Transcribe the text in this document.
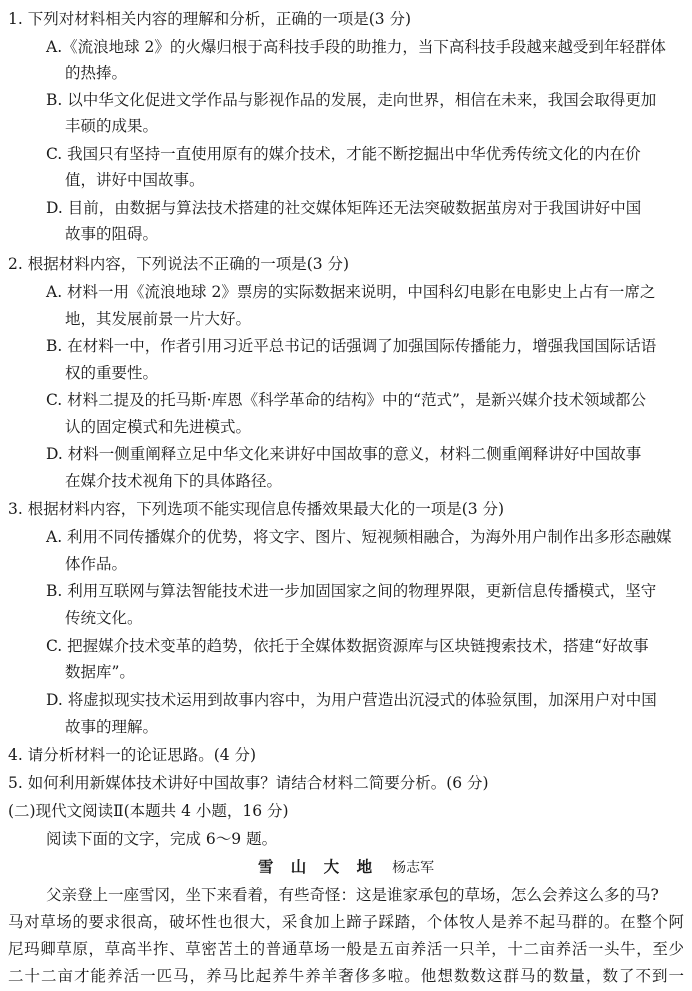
1. 下列对材料相关内容的理解和分析，正确的一项是(3 分)
A.《流浪地球 2》的火爆归根于高科技手段的助推力，当下高科技手段越来越受到年轻群体
的热捧。
B. 以中华文化促进文学作品与影视作品的发展，走向世界，相信在未来，我国会取得更加
丰硕的成果。
C. 我国只有坚持一直使用原有的媒介技术，才能不断挖掘出中华优秀传统文化的内在价
值，讲好中国故事。
D. 目前，由数据与算法技术搭建的社交媒体矩阵还无法突破数据茧房对于我国讲好中国
故事的阻碍。
2. 根据材料内容，下列说法不正确的一项是(3 分)
A. 材料一用《流浪地球 2》票房的实际数据来说明，中国科幻电影在电影史上占有一席之
地，其发展前景一片大好。
B. 在材料一中，作者引用习近平总书记的话强调了加强国际传播能力，增强我国国际话语
权的重要性。
C. 材料二提及的托马斯·库恩《科学革命的结构》中的“范式”，是新兴媒介技术领域都公
认的固定模式和先进模式。
D. 材料一侧重阐释立足中华文化来讲好中国故事的意义，材料二侧重阐释讲好中国故事
在媒介技术视角下的具体路径。
3. 根据材料内容，下列选项不能实现信息传播效果最大化的一项是(3 分)
A. 利用不同传播媒介的优势，将文字、图片、短视频相融合，为海外用户制作出多形态融媒
体作品。
B. 利用互联网与算法智能技术进一步加固国家之间的物理界限，更新信息传播模式，坚守
传统文化。
C. 把握媒介技术变革的趋势，依托于全媒体数据资源库与区块链搜索技术，搭建“好故事
数据库”。
D. 将虚拟现实技术运用到故事内容中，为用户营造出沉浸式的体验氛围，加深用户对中国
故事的理解。
4. 请分析材料一的论证思路。(4 分)
5. 如何利用新媒体技术讲好中国故事？请结合材料二简要分析。(6 分)
(二)现代文阅读Ⅱ(本题共 4 小题，16 分)
阅读下面的文字，完成 6～9 题。
雪 山 大 地 杨志军
父亲登上一座雪冈，坐下来看着，有些奇怪：这是谁家承包的草场，怎么会养这么多的马?
马对草场的要求很高，破坏性也很大，采食加上蹄子踩踏，个体牧人是养不起马群的。在整个阿
尼玛卿草原，草高半拃、草密苫土的普通草场一般是五亩养活一只羊，十二亩养活一头牛，至少
二十二亩才能养活一匹马，养马比起养牛养羊奢侈多啦。他想数数这群马的数量，数了不到一
